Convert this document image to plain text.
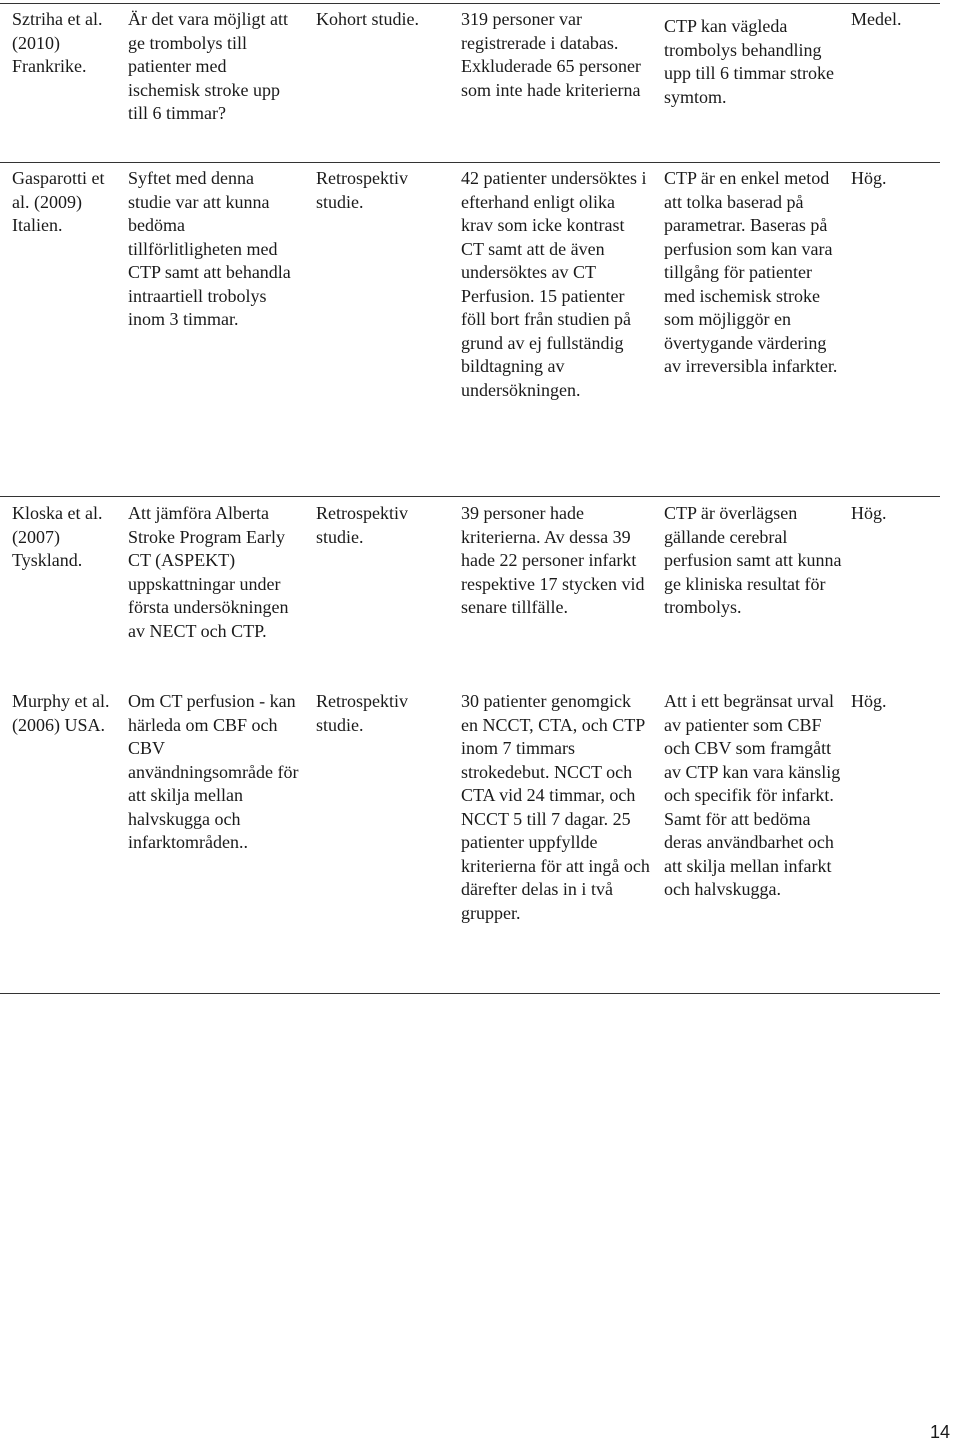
Sztriha et al. (2010) Frankrike.
Är det vara möjligt att ge trombolys till patienter med ischemisk stroke upp till 6 timmar?
Kohort studie.	319 personer var registrerade i databas. Exkluderade 65 personer som inte hade kriterierna
CTP kan vägleda trombolys behandling upp till 6 timmar stroke symtom.
Medel.
Gasparotti et al. (2009) Italien.
Syftet med denna studie var att kunna bedöma tillförlitligheten med CTP samt att behandla intraartiell trobolys inom 3 timmar.
Retrospektiv studie.
42 patienter undersöktes i efterhand enligt olika krav som icke kontrast CT samt att de även undersöktes av CT Perfusion. 15 patienter föll bort från studien på grund av ej fullständig bildtagning av undersökningen.
CTP är en enkel metod att tolka baserad på parametrar. Baseras på perfusion som kan vara tillgång för patienter med ischemisk stroke som möjliggör en övertygande värdering av irreversibla infarkter.
Hög.
Kloska et al. (2007) Tyskland.
Att jämföra Alberta Stroke Program Early CT (ASPEKT) uppskattningar under första undersökningen av NECT och CTP.
Retrospektiv studie.
39 personer hade kriterierna. Av dessa 39 hade 22 personer infarkt respektive 17 stycken vid senare tillfälle.
CTP är överlägsen gällande cerebral perfusion samt att kunna ge kliniska resultat för trombolys.
Hög.
Murphy et al. (2006) USA.
Om CT perfusion - kan härleda om CBF och CBV användningsområde för att skilja mellan halvskugga och infarktområden..
Retrospektiv studie.
30 patienter genomgick en NCCT, CTA, och CTP inom 7 timmars strokedebut. NCCT och CTA vid 24 timmar, och NCCT 5 till 7 dagar. 25 patienter uppfyllde kriterierna för att ingå och därefter delas in i två grupper.
Att i ett begränsat urval av patienter som CBF och CBV som framgått av CTP kan vara känslig och specifik för infarkt. Samt för att bedöma deras användbarhet och att skilja mellan infarkt och halvskugga.
Hög.
14
